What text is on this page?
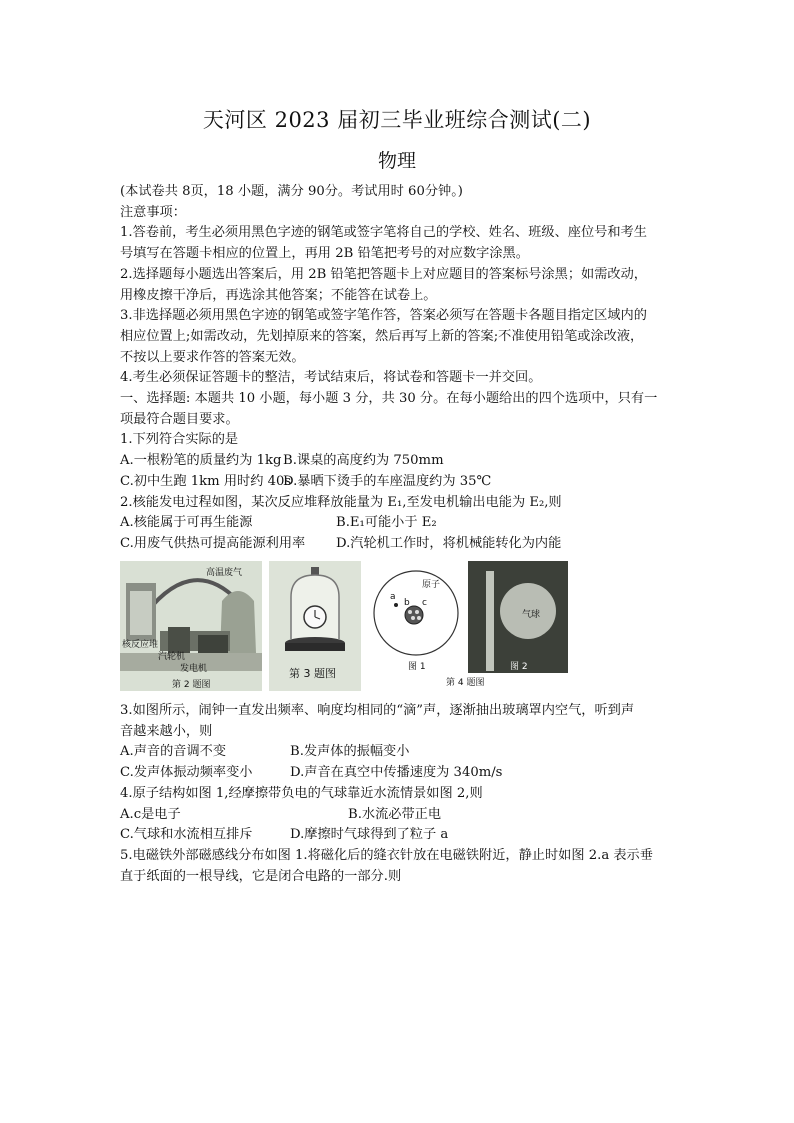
天河区 2023 届初三毕业班综合测试(二)
物理
(本试卷共 8页，18 小题，满分 90分。考试用时 60分钟。)
注意事项：
1.答卷前，考生必须用黑色字迹的钢笔或签字笔将自己的学校、姓名、班级、座位号和考生
号填写在答题卡相应的位置上，再用 2B 铅笔把考号的对应数字涂黑。
2.选择题每小题选出答案后，用 2B 铅笔把答题卡上对应题目的答案标号涂黑；如需改动，
用橡皮擦干净后，再选涂其他答案；不能答在试卷上。
3.非选择题必须用黑色字迹的钢笔或签字笔作答，答案必须写在答题卡各题目指定区域内的
相应位置上;如需改动，先划掉原来的答案，然后再写上新的答案;不准使用铅笔或涂改液，
不按以上要求作答的答案无效。
4.考生必须保证答题卡的整洁，考试结束后，将试卷和答题卡一并交回。
一、选择题: 本题共 10 小题，每小题 3 分，共 30 分。在每小题给出的四个选项中，只有一
项最符合题目要求。
1.下列符合实际的是
A.一根粉笔的质量约为 1kg B.课桌的高度约为 750mm
C.初中生跑 1km 用时约 40s
D.暴晒下烫手的车座温度约为 35℃
2.核能发电过程如图，某次反应堆释放能量为 E₁,至发电机输出电能为 E₂,则
A.核能属于可再生能源	B.E₁可能小于 E₂
C.用废气供热可提高能源利用率	D.汽轮机工作时，将机械能转化为内能
高温废气
核反应堆
汽轮机
发电机
第 2 题图
第 3 题图
a
b c
原子
图 1
气球
图 2
第 4 题图
3.如图所示，闹钟一直发出频率、响度均相同的“滴”声，逐渐抽出玻璃罩内空气，听到声
音越来越小，则
A.声音的音调不变	B.发声体的振幅变小
C.发声体振动频率变小	D.声音在真空中传播速度为 340m/s
4.原子结构如图 1,经摩擦带负电的气球靠近水流情景如图 2,则
A.c是电子	B.水流必带正电
C.气球和水流相互排斥	D.摩擦时气球得到了粒子 a
5.电磁铁外部磁感线分布如图 1.将磁化后的缝衣针放在电磁铁附近，静止时如图 2.a 表示垂
直于纸面的一根导线，它是闭合电路的一部分.则
